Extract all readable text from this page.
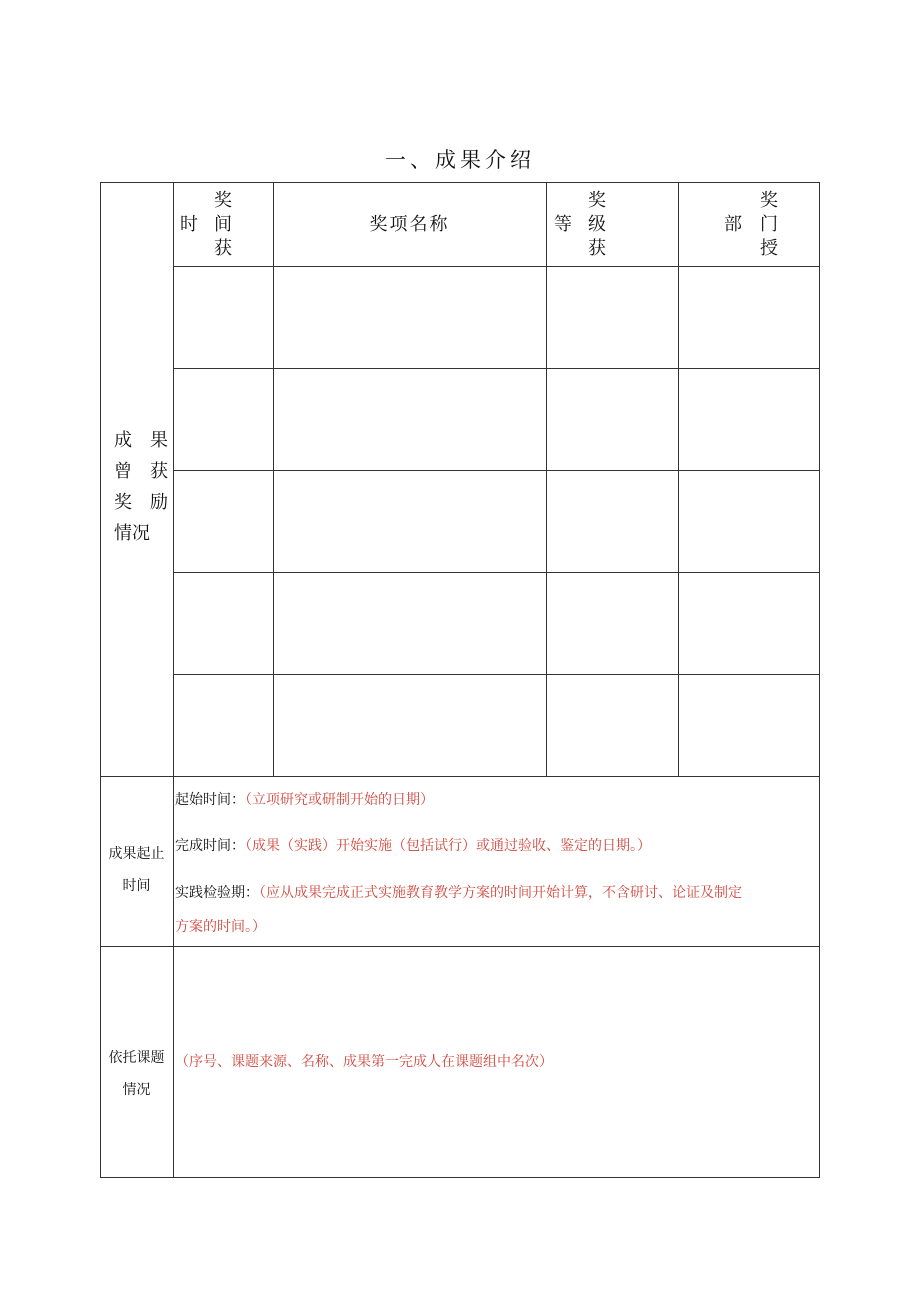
一、成果介绍
成　果
曾　获
奖　励
情况
奖
时 间
获
奖项名称
奖
等 级
获
奖
部 门
授
成果起止
时间
起始时间：（立项研究或研制开始的日期）
完成时间：（成果（实践）开始实施（包括试行）或通过验收、鉴定的日期。）
实践检验期：（应从成果完成正式实施教育教学方案的时间开始计算，不含研讨、论证及制定
方案的时间。）
依托课题
情况
（序号、课题来源、名称、成果第一完成人在课题组中名次）
